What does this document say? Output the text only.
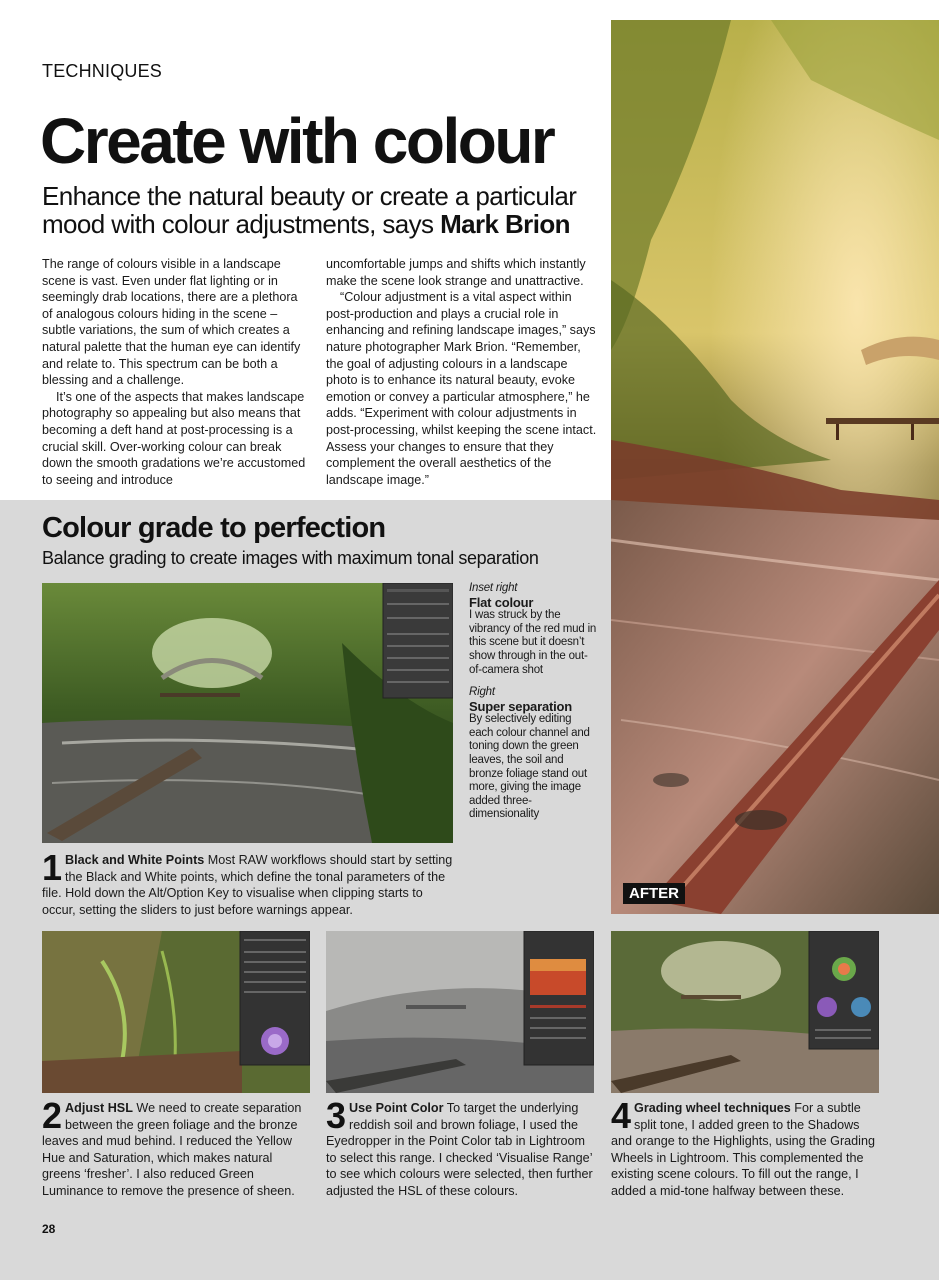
TECHNIQUES
Create with colour
Enhance the natural beauty or create a particular mood with colour adjustments, says Mark Brion

The range of colours visible in a landscape scene is vast. Even under flat lighting or in seemingly drab locations, there are a plethora of analogous colours hiding in the scene – subtle variations, the sum of which creates a natural palette that the human eye can identify and relate to. This spectrum can be both a blessing and a challenge.

It’s one of the aspects that makes landscape photography so appealing but also means that becoming a deft hand at post-processing is a crucial skill. Over-working colour can break down the smooth gradations we’re accustomed to seeing and introduce

uncomfortable jumps and shifts which instantly make the scene look strange and unattractive.

“Colour adjustment is a vital aspect within post-production and plays a crucial role in enhancing and refining landscape images,” says nature photographer Mark Brion. “Remember, the goal of adjusting colours in a landscape photo is to enhance its natural beauty, evoke emotion or convey a particular atmosphere,” he adds. “Experiment with colour adjustments in post-processing, whilst keeping the scene intact. Assess your changes to ensure that they complement the overall aesthetics of the landscape image.”

AFTER
Colour grade to perfection
Balance grading to create images with maximum tonal separation
Inset right
Flat colour
I was struck by the vibrancy of the red mud in this scene but it doesn’t show through in the out-of-camera shot
Right
Super separation
By selectively editing each colour channel and toning down the green leaves, the soil and bronze foliage stand out more, giving the image added three-dimensionality
1 Black and White Points Most RAW workflows should start by setting the Black and White points, which define the tonal parameters of the file. Hold down the Alt/Option Key to visualise when clipping starts to occur, setting the sliders to just before warnings appear.
2 Adjust HSL We need to create separation between the green foliage and the bronze leaves and mud behind. I reduced the Yellow Hue and Saturation, which makes natural greens ‘fresher’. I also reduced Green Luminance to remove the presence of sheen.
3 Use Point Color To target the underlying reddish soil and brown foliage, I used the Eyedropper in the Point Color tab in Lightroom to select this range. I checked ‘Visualise Range’ to see which colours were selected, then further adjusted the HSL of these colours.
4 Grading wheel techniques For a subtle split tone, I added green to the Shadows and orange to the Highlights, using the Grading Wheels in Lightroom. This complemented the existing scene colours. To fill out the range, I added a mid-tone halfway between these.
28
